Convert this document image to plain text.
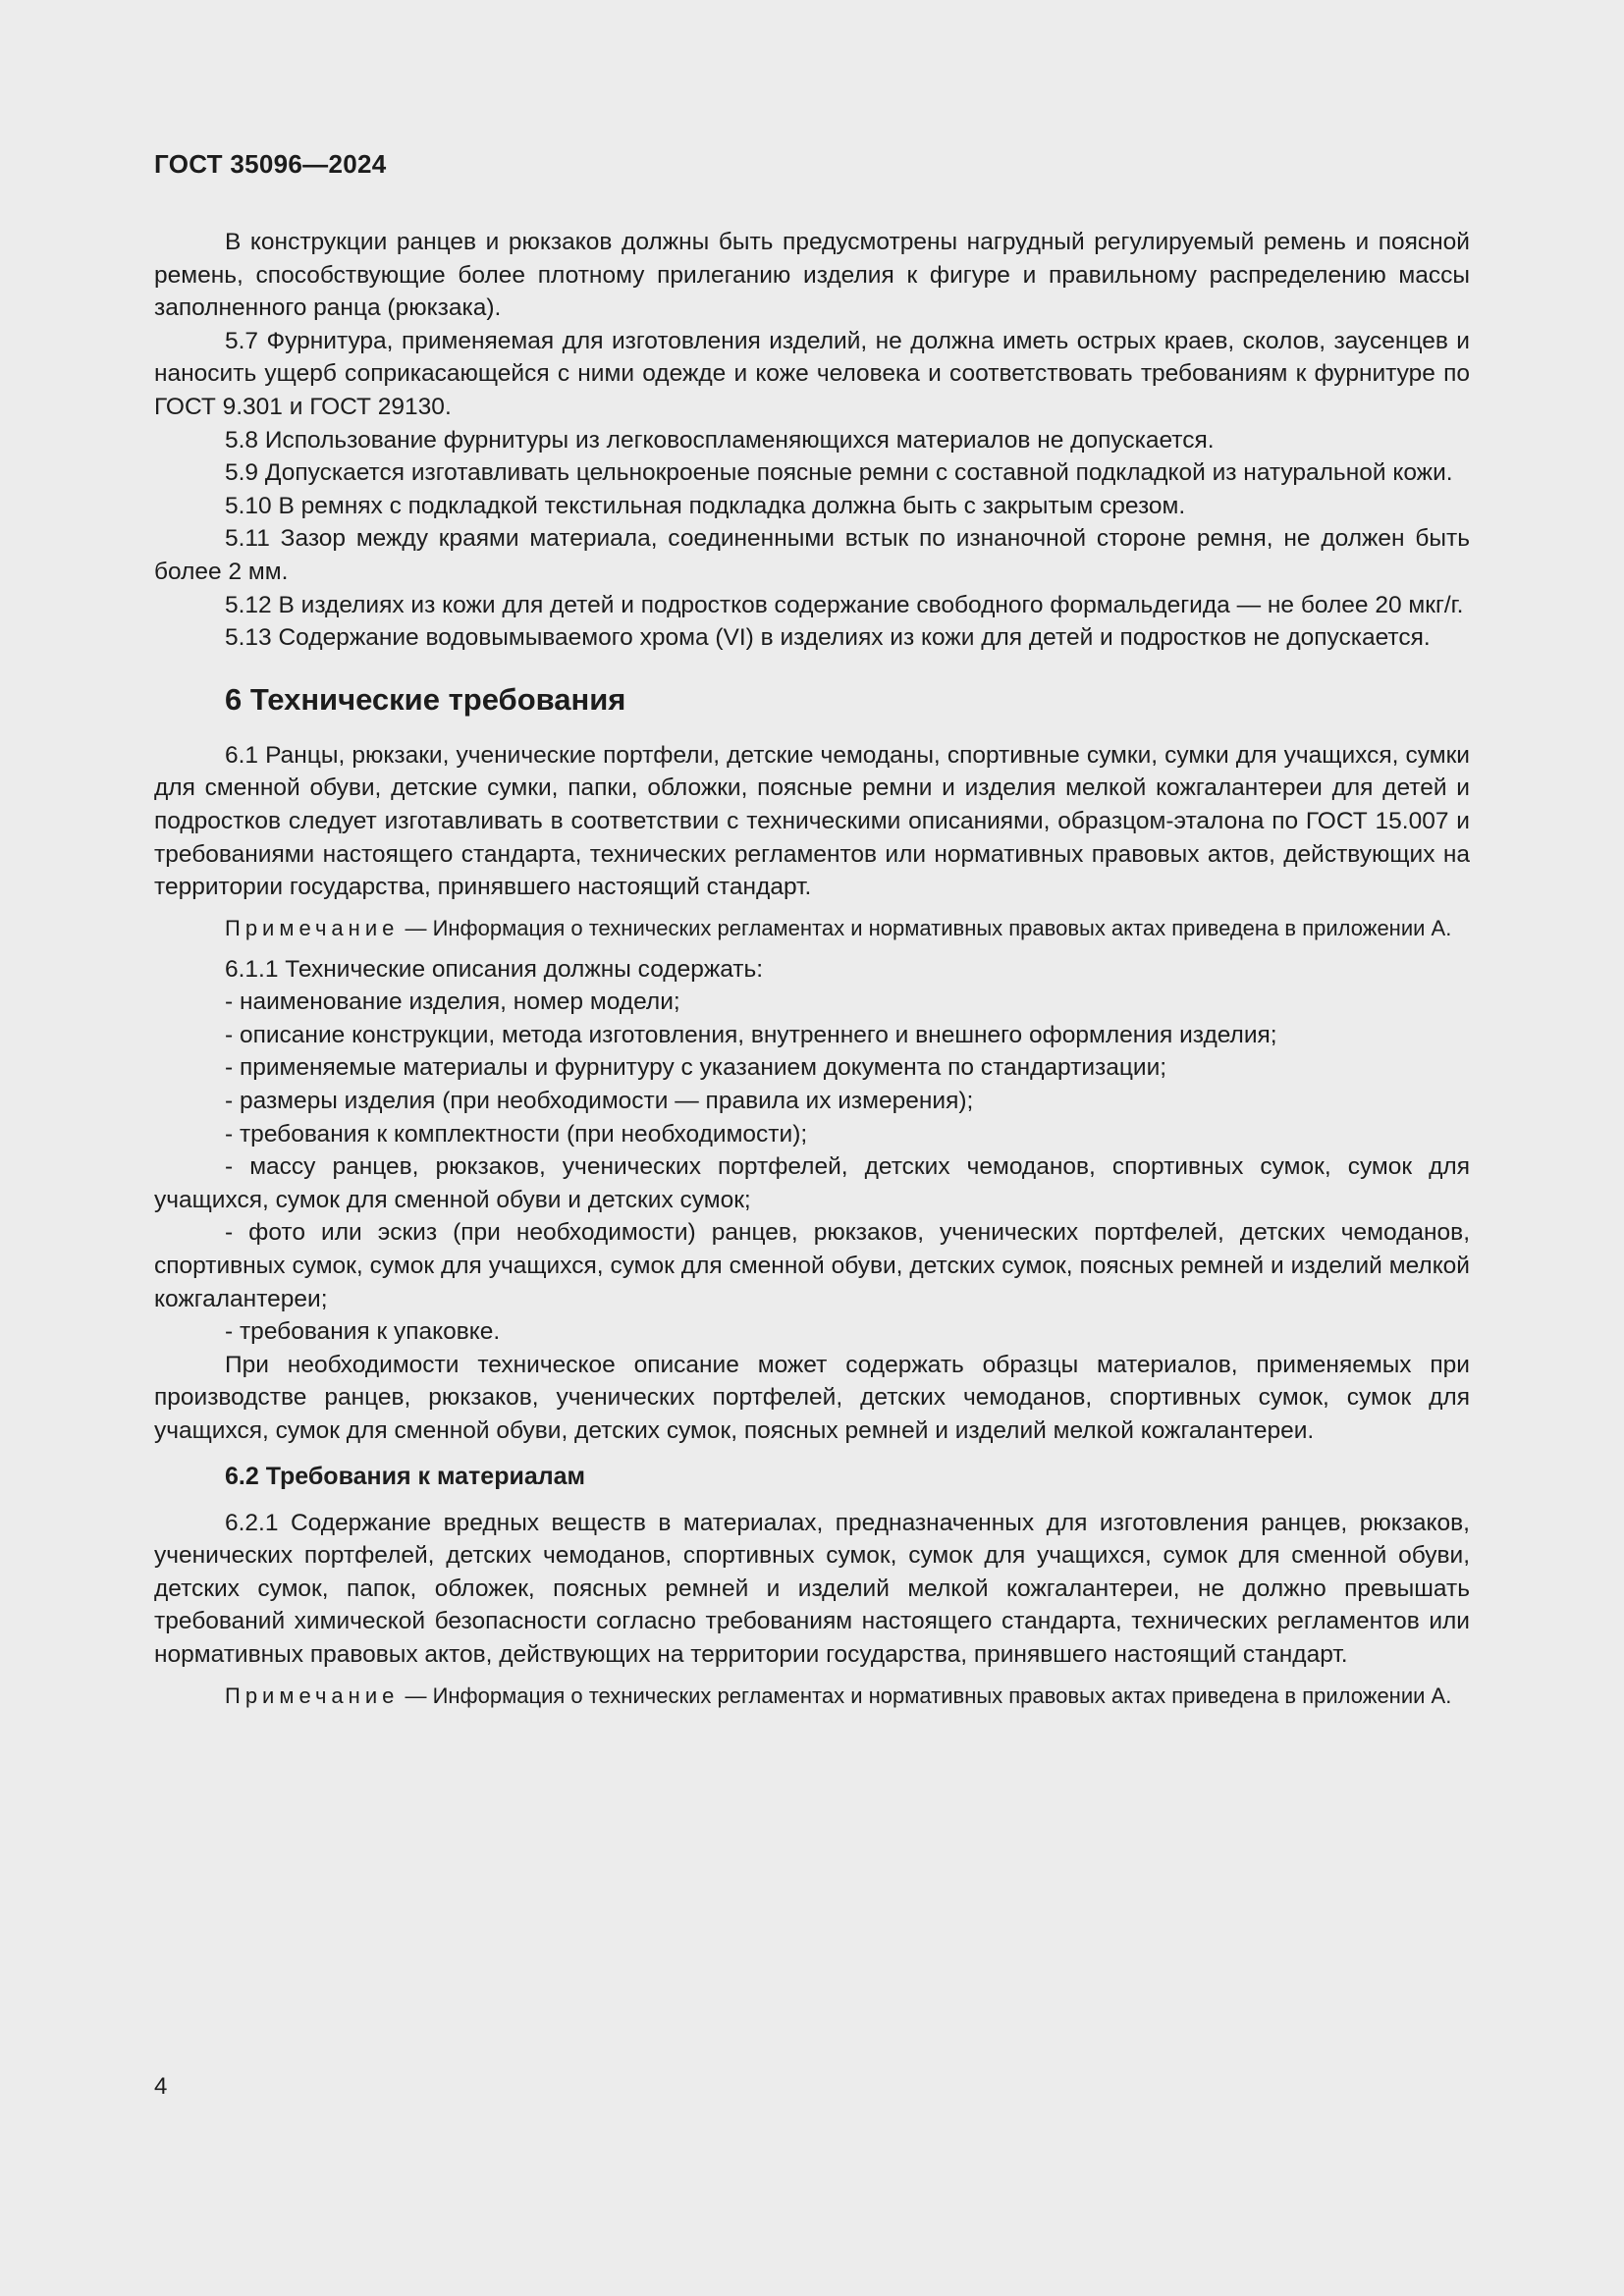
ГОСТ 35096—2024

В конструкции ранцев и рюкзаков должны быть предусмотрены нагрудный регулируемый ремень и поясной ремень, способствующие более плотному прилеганию изделия к фигуре и правильному распределению массы заполненного ранца (рюкзака).

5.7 Фурнитура, применяемая для изготовления изделий, не должна иметь острых краев, сколов, заусенцев и наносить ущерб соприкасающейся с ними одежде и коже человека и соответствовать требованиям к фурнитуре по ГОСТ 9.301 и ГОСТ 29130.

5.8 Использование фурнитуры из легковоспламеняющихся материалов не допускается.

5.9 Допускается изготавливать цельнокроеные поясные ремни с составной подкладкой из натуральной кожи.

5.10 В ремнях с подкладкой текстильная подкладка должна быть с закрытым срезом.

5.11 Зазор между краями материала, соединенными встык по изнаночной стороне ремня, не должен быть более 2 мм.

5.12 В изделиях из кожи для детей и подростков содержание свободного формальдегида — не более 20 мкг/г.

5.13 Содержание водовымываемого хрома (VI) в изделиях из кожи для детей и подростков не допускается.

6 Технические требования

6.1 Ранцы, рюкзаки, ученические портфели, детские чемоданы, спортивные сумки, сумки для учащихся, сумки для сменной обуви, детские сумки, папки, обложки, поясные ремни и изделия мелкой кожгалантереи для детей и подростков следует изготавливать в соответствии с техническими описаниями, образцом-эталона по ГОСТ 15.007 и требованиями настоящего стандарта, технических регламентов или нормативных правовых актов, действующих на территории государства, принявшего настоящий стандарт.

Примечание — Информация о технических регламентах и нормативных правовых актах приведена в приложении А.

6.1.1 Технические описания должны содержать:

- наименование изделия, номер модели;

- описание конструкции, метода изготовления, внутреннего и внешнего оформления изделия;

- применяемые материалы и фурнитуру с указанием документа по стандартизации;

- размеры изделия (при необходимости — правила их измерения);

- требования к комплектности (при необходимости);

- массу ранцев, рюкзаков, ученических портфелей, детских чемоданов, спортивных сумок, сумок для учащихся, сумок для сменной обуви и детских сумок;

- фото или эскиз (при необходимости) ранцев, рюкзаков, ученических портфелей, детских чемоданов, спортивных сумок, сумок для учащихся, сумок для сменной обуви, детских сумок, поясных ремней и изделий мелкой кожгалантереи;

- требования к упаковке.

При необходимости техническое описание может содержать образцы материалов, применяемых при производстве ранцев, рюкзаков, ученических портфелей, детских чемоданов, спортивных сумок, сумок для учащихся, сумок для сменной обуви, детских сумок, поясных ремней и изделий мелкой кожгалантереи.

6.2 Требования к материалам

6.2.1 Содержание вредных веществ в материалах, предназначенных для изготовления ранцев, рюкзаков, ученических портфелей, детских чемоданов, спортивных сумок, сумок для учащихся, сумок для сменной обуви, детских сумок, папок, обложек, поясных ремней и изделий мелкой кожгалантереи, не должно превышать требований химической безопасности согласно требованиям настоящего стандарта, технических регламентов или нормативных правовых актов, действующих на территории государства, принявшего настоящий стандарт.

Примечание — Информация о технических регламентах и нормативных правовых актах приведена в приложении А.
4
